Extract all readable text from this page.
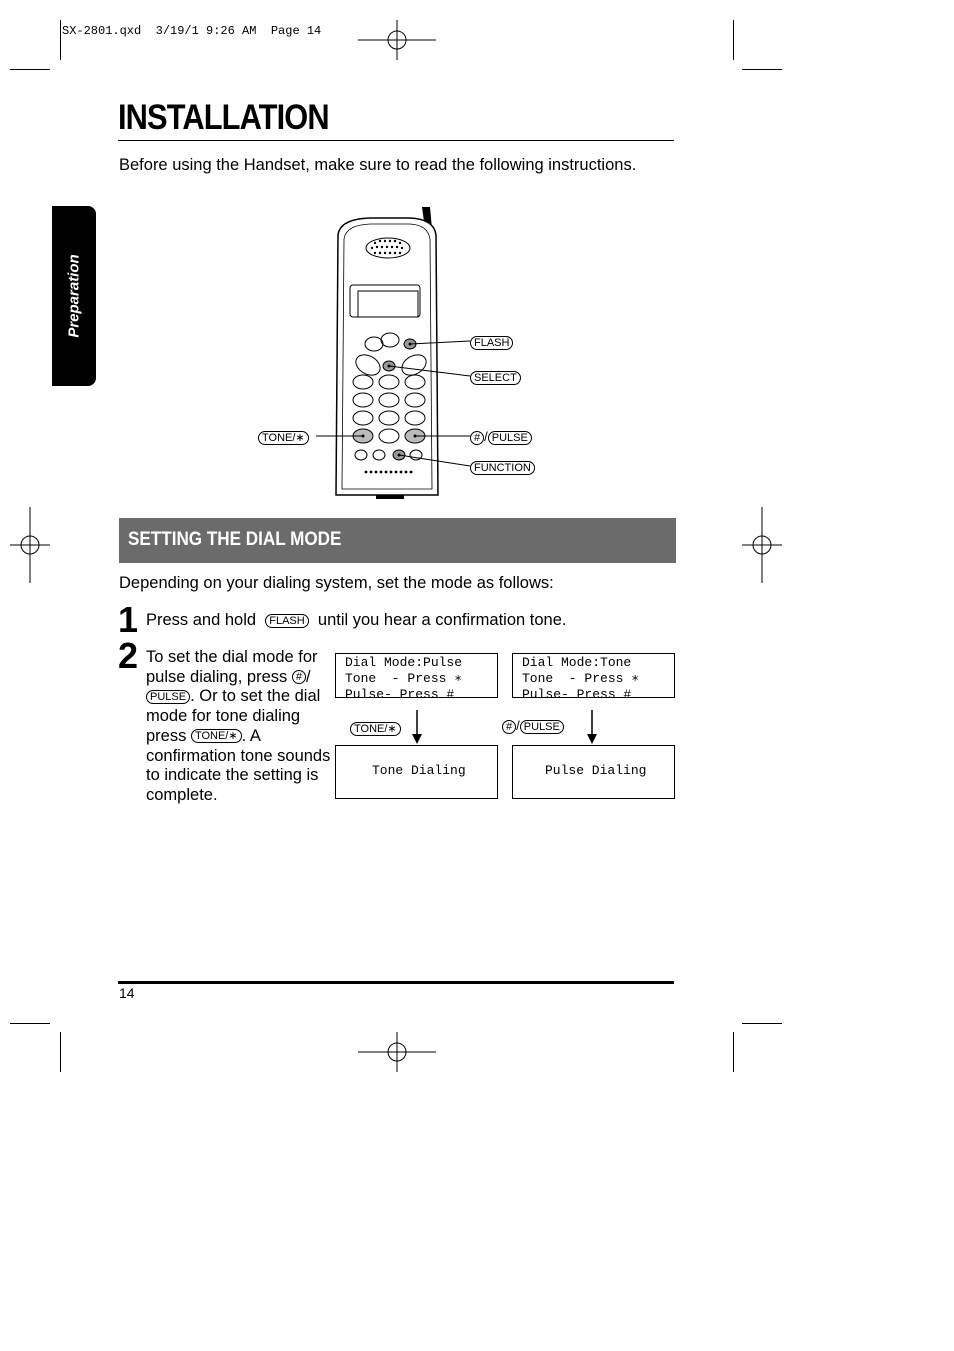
SX-2801.qxd  3/19/1 9:26 AM  Page 14
INSTALLATION
Before using the Handset, make sure to read the following instructions.
Preparation
FLASH
SELECT
TONE/∗	# / PULSE
FUNCTION
SETTING THE DIAL MODE
Depending on your dialing system, set the mode as follows:
1 Press and hold FLASH until you hear a confirmation tone.
2 To set the dial mode for pulse dialing, press # /PULSE . Or to set the dial mode for tone dialing press TONE/∗ . A confirmation tone sounds to indicate the setting is complete.
Dial Mode:Pulse
Tone  - Press ∗
Pulse- Press #
Dial Mode:Tone
Tone  - Press ∗
Pulse- Press #
TONE/∗	# / PULSE
Tone Dialing	Pulse Dialing
14
